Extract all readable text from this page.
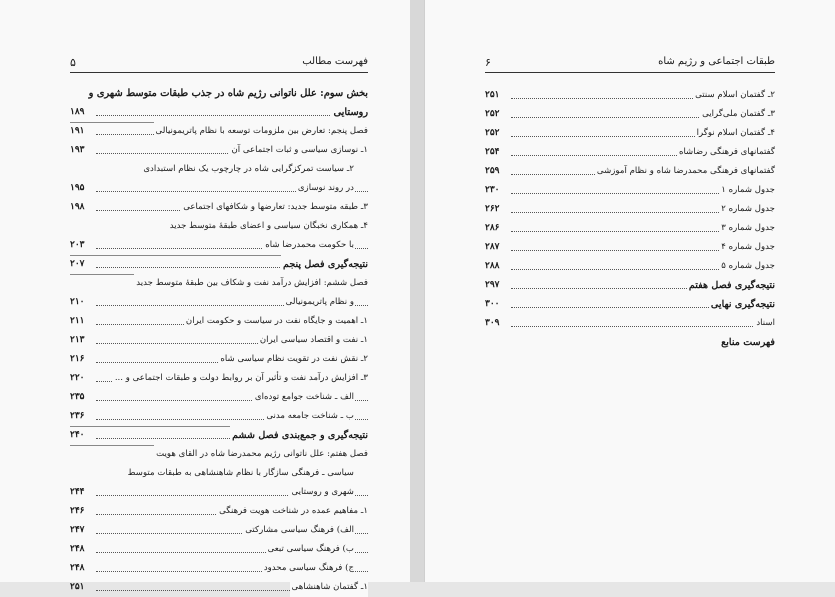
فهرست مطالب
۵
بخش سوم: علل ناتوانی رژیم شاه در جذب طبقات متوسط شهری و
روستایی
۱۸۹
فصل پنجم: تعارض بین ملزومات توسعه با نظام پاتریمونیالی
۱۹۱
۱ـ نوسازی سیاسی و ثبات اجتماعی آن
۱۹۳
۲ـ سیاست تمرکزگرایی شاه در چارچوب یک نظام استبدادی
در روند نوسازی
۱۹۵
۳ـ طبقه متوسط جدید: تعارضها و شکافهای اجتماعی
۱۹۸
۴ـ همکاری نخبگان سیاسی و اعضای طبقهٔ متوسط جدید
با حکومت محمدرضا شاه
۲۰۳
نتیجه‌گیری فصل پنجم
۲۰۷
فصل ششم: افزایش درآمد نفت و شکاف بین طبقهٔ متوسط جدید
و نظام پاتریمونیالی
۲۱۰
۱ـ اهمیت و جایگاه نفت در سیاست و حکومت ایران
۲۱۱
۱ـ نفت و اقتصاد سیاسی ایران
۲۱۳
۲ـ نقش نفت در تقویت نظام سیاسی شاه
۲۱۶
۳ـ افزایش درآمد نفت و تأثیر آن بر روابط دولت و طبقات اجتماعی و ...
۲۲۰
الف ـ شناخت جوامع توده‌ای
۲۳۵
ب ـ شناخت جامعه مدنی
۲۳۶
نتیجه‌گیری و جمع‌بندی فصل ششم
۲۴۰
فصل هفتم: علل ناتوانی رژیم محمدرضا شاه در القای هویت
سیاسی ـ فرهنگی سازگار با نظام شاهنشاهی به طبقات متوسط
شهری و روستایی
۲۴۴
۱ـ مفاهیم عمده در شناخت هویت فرهنگی
۲۴۶
الف) فرهنگ سیاسی مشارکتی
۲۴۷
ب) فرهنگ سیاسی تبعی
۲۴۸
ج) فرهنگ سیاسی محدود
۲۴۸
۱ـ گفتمان شاهنشاهی
۲۵۱
طبقات اجتماعی و رژیم شاه
۶
۲ـ گفتمان اسلام سنتی
۲۵۱
۳ـ گفتمان ملی‌گرایی
۲۵۲
۴ـ گفتمان اسلام نوگرا
۲۵۲
گفتمانهای فرهنگی رضاشاه
۲۵۴
گفتمانهای فرهنگی محمدرضا شاه و نظام آموزشی
۲۵۹
جدول شماره ۱
۲۳۰
جدول شماره ۲
۲۶۲
جدول شماره ۳
۲۸۶
جدول شماره ۴
۲۸۷
جدول شماره ۵
۲۸۸
نتیجه‌گیری فصل هفتم
۲۹۷
نتیجه‌گیری نهایی
۳۰۰
اسناد
۳۰۹
فهرست منابع
